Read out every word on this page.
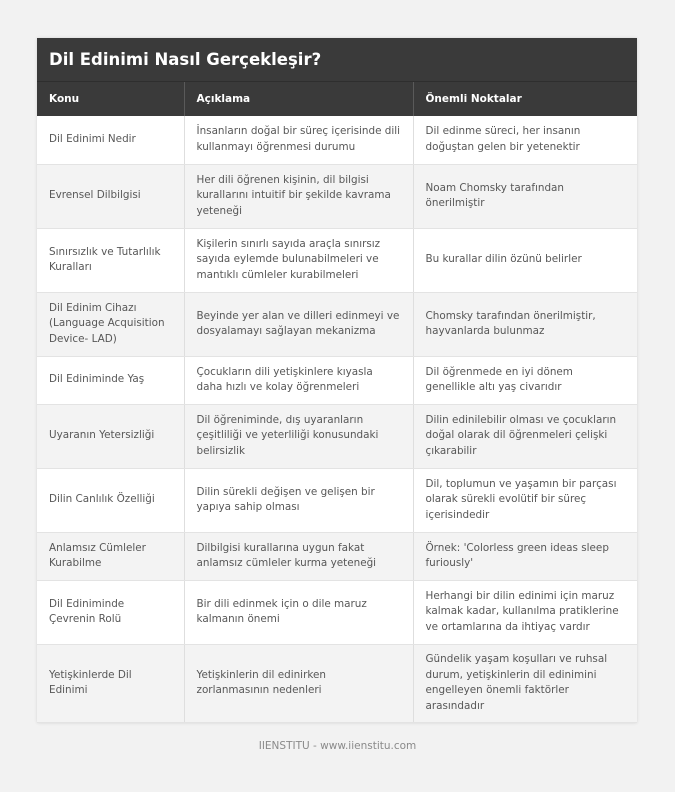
Dil Edinimi Nasıl Gerçekleşir?
Konu	Açıklama	Önemli Noktalar
Dil Edinimi Nedir	İnsanların doğal bir süreç içerisinde dili kullanmayı öğrenmesi durumu	Dil edinme süreci, her insanın doğuştan gelen bir yetenektir
Evrensel Dilbilgisi	Her dili öğrenen kişinin, dil bilgisi kurallarını intuitif bir şekilde kavrama yeteneği	Noam Chomsky tarafından önerilmiştir
Sınırsızlık ve Tutarlılık Kuralları	Kişilerin sınırlı sayıda araçla sınırsız sayıda eylemde bulunabilmeleri ve mantıklı cümleler kurabilmeleri	Bu kurallar dilin özünü belirler
Dil Edinim Cihazı (Language Acquisition Device- LAD)	Beyinde yer alan ve dilleri edinmeyi ve dosyalamayı sağlayan mekanizma	Chomsky tarafından önerilmiştir, hayvanlarda bulunmaz
Dil Ediniminde Yaş	Çocukların dili yetişkinlere kıyasla daha hızlı ve kolay öğrenmeleri	Dil öğrenmede en iyi dönem genellikle altı yaş civarıdır
Uyaranın Yetersizliği	Dil öğreniminde, dış uyaranların çeşitliliği ve yeterliliği konusundaki belirsizlik	Dilin edinilebilir olması ve çocukların doğal olarak dil öğrenmeleri çelişki çıkarabilir
Dilin Canlılık Özelliği	Dilin sürekli değişen ve gelişen bir yapıya sahip olması	Dil, toplumun ve yaşamın bir parçası olarak sürekli evolütif bir süreç içerisindedir
Anlamsız Cümleler Kurabilme	Dilbilgisi kurallarına uygun fakat anlamsız cümleler kurma yeteneği	Örnek: 'Colorless green ideas sleep furiously'
Dil Ediniminde Çevrenin Rolü	Bir dili edinmek için o dile maruz kalmanın önemi	Herhangi bir dilin edinimi için maruz kalmak kadar, kullanılma pratiklerine ve ortamlarına da ihtiyaç vardır
Yetişkinlerde Dil Edinimi	Yetişkinlerin dil edinirken zorlanmasının nedenleri	Gündelik yaşam koşulları ve ruhsal durum, yetişkinlerin dil edinimini engelleyen önemli faktörler arasındadır
IIENSTITU - www.iienstitu.com
